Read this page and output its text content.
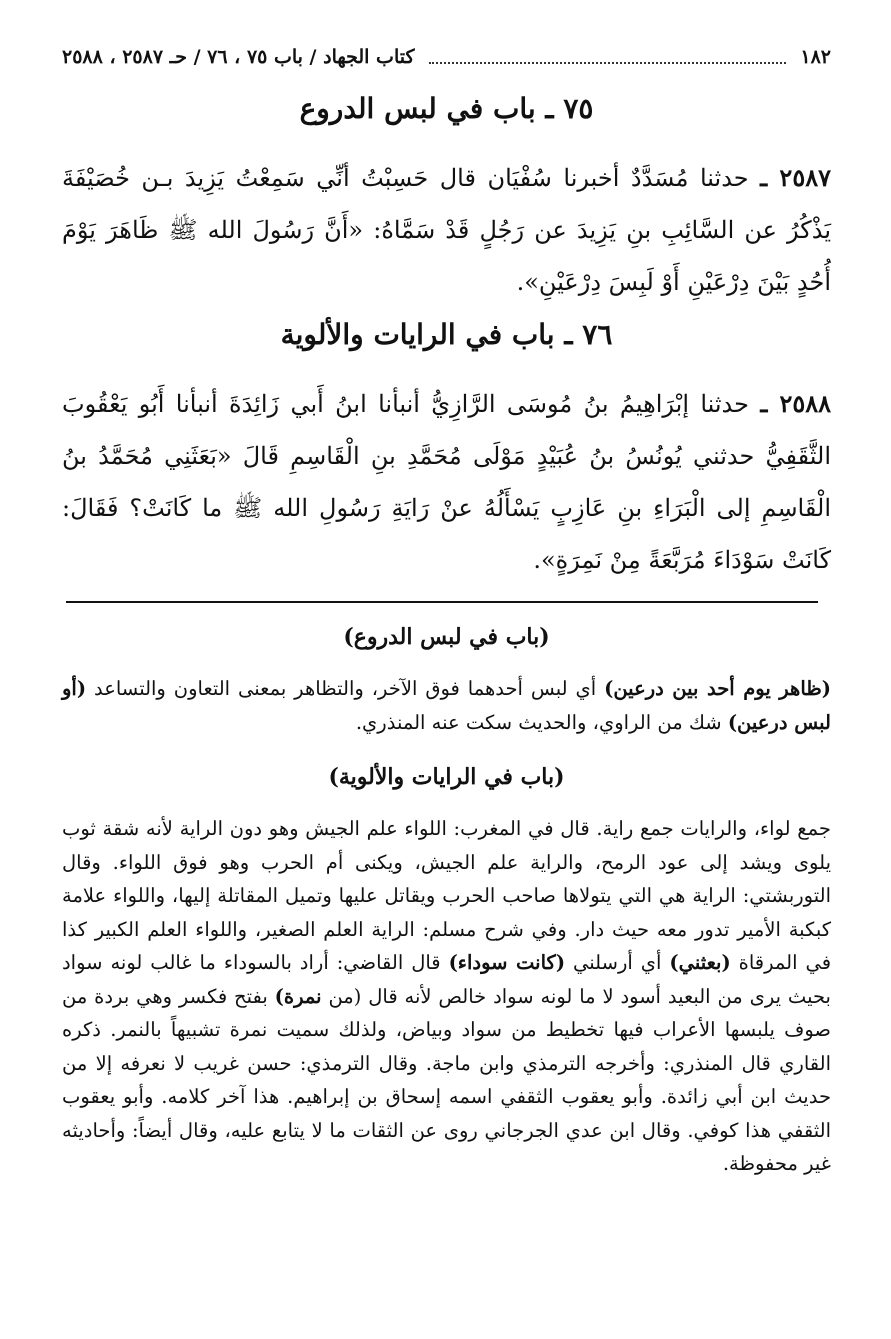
١٨٢
كتاب الجهاد / باب ٧٥ ، ٧٦ / حـ ٢٥٨٧ ، ٢٥٨٨
٧٥ ـ باب في لبس الدروع
٢٥٨٧ ـ حدثنا مُسَدَّدٌ أخبرنا سُفْيَان قال حَسِبْتُ أنِّي سَمِعْتُ يَزِيدَ بـن خُصَيْفَةَ يَذْكُرُ عن السَّائِبِ بنِ يَزِيدَ عن رَجُلٍ قَدْ سَمَّاهُ: «أَنَّ رَسُولَ الله ﷺ ظَاهَرَ يَوْمَ أُحُدٍ بَيْنَ دِرْعَيْنِ أَوْ لَبِسَ دِرْعَيْنِ».
٧٦ ـ باب في الرايات والألوية
٢٥٨٨ ـ حدثنا إبْرَاهِيمُ بنُ مُوسَى الرَّازِيُّ أنبأنا ابنُ أَبي زَائِدَةَ أنبأنا أَبُو يَعْقُوبَ الثَّقَفِيُّ حدثني يُونُسُ بنُ عُبَيْدٍ مَوْلَى مُحَمَّدِ بنِ الْقَاسِمِ قَالَ «بَعَثَنِي مُحَمَّدُ بنُ الْقَاسِمِ إلى الْبَرَاءِ بنِ عَازِبٍ يَسْأَلُهُ عنْ رَايَةِ رَسُولِ الله ﷺ ما كَانَتْ؟ فَقَالَ: كَانَتْ سَوْدَاءَ مُرَبَّعَةً مِنْ نَمِرَةٍ».
(باب في لبس الدروع)
(ظاهر يوم أحد بين درعين) أي لبس أحدهما فوق الآخر، والتظاهر بمعنى التعاون والتساعد (أو لبس درعين) شك من الراوي، والحديث سكت عنه المنذري.
(باب في الرايات والألوية)
جمع لواء، والرايات جمع راية. قال في المغرب: اللواء علم الجيش وهو دون الراية لأنه شقة ثوب يلوى ويشد إلى عود الرمح، والراية علم الجيش، ويكنى أم الحرب وهو فوق اللواء. وقال التوربشتي: الراية هي التي يتولاها صاحب الحرب ويقاتل عليها وتميل المقاتلة إليها، واللواء علامة كبكبة الأمير تدور معه حيث دار. وفي شرح مسلم: الراية العلم الصغير، واللواء العلم الكبير كذا في المرقاة (بعثني) أي أرسلني (كانت سوداء) قال القاضي: أراد بالسوداء ما غالب لونه سواد بحيث يرى من البعيد أسود لا ما لونه سواد خالص لأنه قال (من نمرة) بفتح فكسر وهي بردة من صوف يلبسها الأعراب فيها تخطيط من سواد وبياض، ولذلك سميت نمرة تشبيهاً بالنمر. ذكره القاري قال المنذري: وأخرجه الترمذي وابن ماجة. وقال الترمذي: حسن غريب لا نعرفه إلا من حديث ابن أبي زائدة. وأبو يعقوب الثقفي اسمه إسحاق بن إبراهيم. هذا آخر كلامه. وأبو يعقوب الثقفي هذا كوفي. وقال ابن عدي الجرجاني روى عن الثقات ما لا يتابع عليه، وقال أيضاً: وأحاديثه غير محفوظة.
